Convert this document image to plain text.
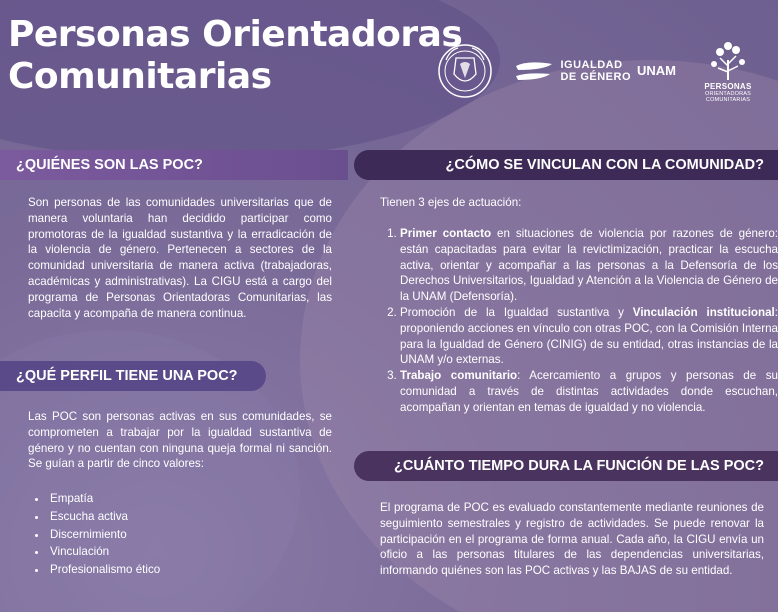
Personas Orientadoras
Comunitarias	IGUALDAD
DE GÉNERO UNAM
PERSONAS
ORIENTADORAS
COMUNITARIAS
¿QUIÉNES SON LAS POC?

Son personas de las comunidades universitarias que de manera voluntaria han decidido participar como promotoras de la igualdad sustantiva y la erradicación de la violencia de género. Pertenecen a sectores de la comunidad universitaria de manera activa (trabajadoras, académicas y administrativas). La CIGU está a cargo del programa de Personas Orientadoras Comunitarias, las capacita y acompaña de manera continua.

¿QUÉ PERFIL TIENE UNA POC?

Las POC son personas activas en sus comunidades, se comprometen a trabajar por la igualdad sustantiva de género y no cuentan con ninguna queja formal ni sanción. Se guían a partir de cinco valores:

• Empatía
• Escucha activa
• Discernimiento
• Vinculación
• Profesionalismo ético
¿CÓMO SE VINCULAN CON LA COMUNIDAD?

Tienen 3 ejes de actuación:

1. Primer contacto en situaciones de violencia por razones de género: están capacitadas para evitar la revictimización, practicar la escucha activa, orientar y acompañar a las personas a la Defensoría de los Derechos Universitarios, Igualdad y Atención a la Violencia de Género de la UNAM (Defensoría).
2. Promoción de la Igualdad sustantiva y Vinculación institucional: proponiendo acciones en vínculo con otras POC, con la Comisión Interna para la Igualdad de Género (CINIG) de su entidad, otras instancias de la UNAM y/o externas.
3. Trabajo comunitario: Acercamiento a grupos y personas de su comunidad a través de distintas actividades donde escuchan, acompañan y orientan en temas de igualdad y no violencia.
¿CUÁNTO TIEMPO DURA LA FUNCIÓN DE LAS POC?

El programa de POC es evaluado constantemente mediante reuniones de seguimiento semestrales y registro de actividades. Se puede renovar la participación en el programa de forma anual. Cada año, la CIGU envía un oficio a las personas titulares de las dependencias universitarias, informando quiénes son las POC activas y las BAJAS de su entidad.
